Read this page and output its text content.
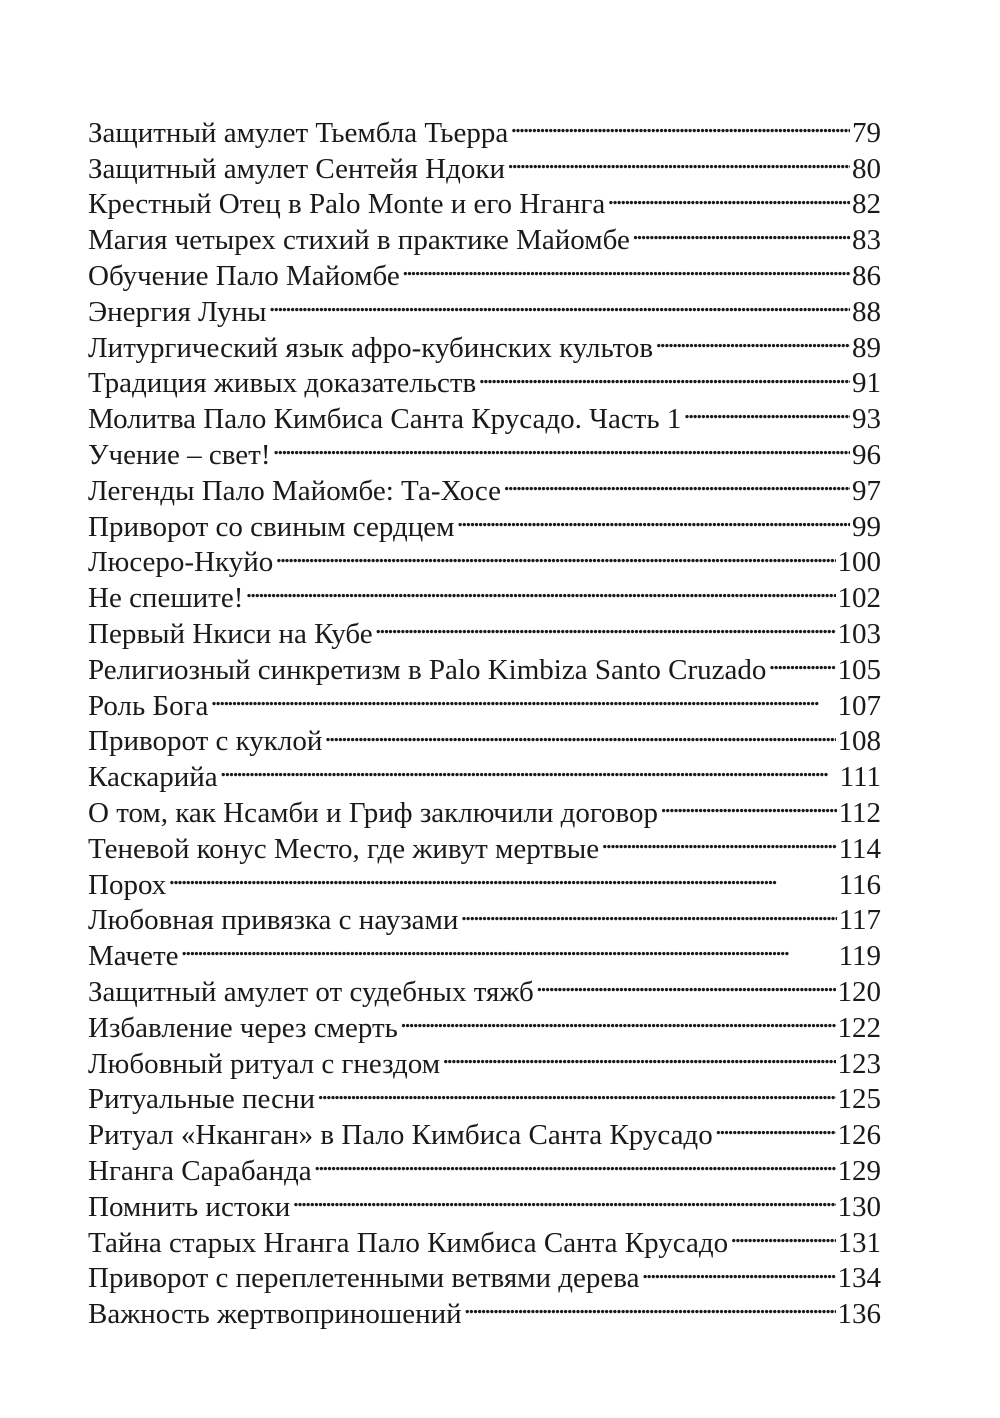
Защитный амулет Тьембла Тьерра . . .	79
Защитный амулет Сентейя Ндоки . . .	80
Крестный Отец в Palo Monte и его Нганга . . .	82
Магия четырех стихий в практике Майомбе . . .	83
Обучение Пало Майомбе . . .	86
Энергия Луны . . .	88
Литургический язык афро-кубинских культов . . .	89
Традиция живых доказательств . . .	91
Молитва Пало Кимбиса Санта Крусадо. Часть 1 . . .	93
Учение – свет! . . .	96
Легенды Пало Майомбе: Та-Хосе . . .	97
Приворот со свиным сердцем . . .	99
Люсеро-Нкуйо . . .	100
Не спешите! . . .	102
Первый Нкиси на Кубе . . .	103
Религиозный синкретизм в Palo Kimbiza Santo Cruzado . . . 105
Роль Бога . . .	107
Приворот с куклой . . .	108
Каскарийа . . .	111
О том, как Нсамби и Гриф заключили договор . . .	112
Теневой конус Место, где живут мертвые . . .	114
Порох . . .	116
Любовная привязка с наузами . . .	117
Мачете . . .	119
Защитный амулет от судебных тяжб . . .	120
Избавление через смерть . . .	122
Любовный ритуал с гнездом . . .	123
Ритуальные песни . . .	125
Ритуал «Нканган» в Пало Кимбиса Санта Крусадо . . .	126
Нганга Сарабанда . . .	129
Помнить истоки . . .	130
Тайна старых Нганга Пало Кимбиса Санта Крусадо . . .	131
Приворот с переплетенными ветвями дерева . . .	134
Важность жертвоприношений . . .	136
